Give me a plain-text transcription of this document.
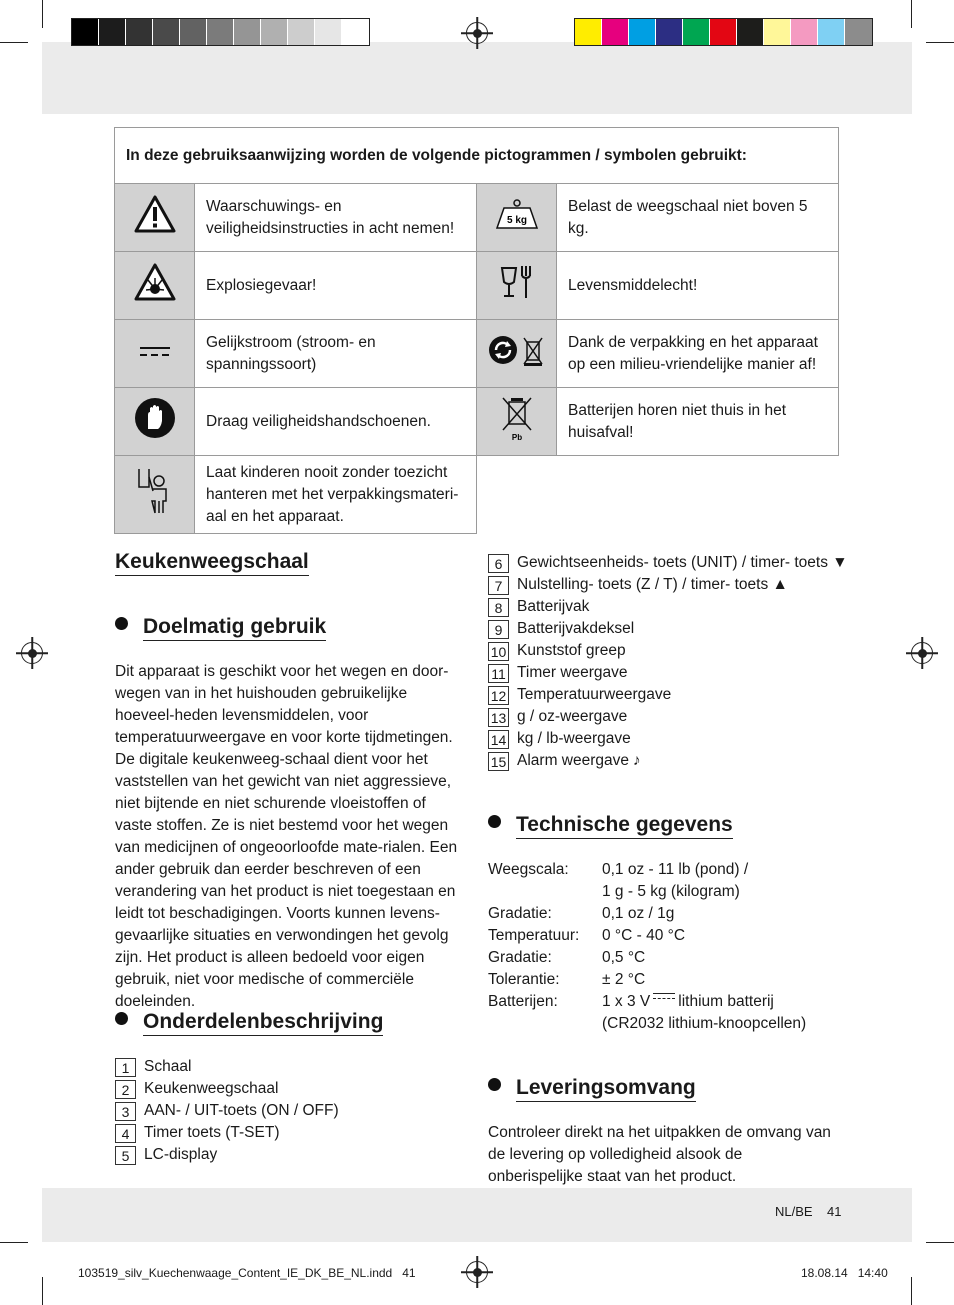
In deze gebruiksaanwijzing worden de volgende pictogrammen / symbolen gebruikt:			
	Waarschuwings- en veiligheidsinstructies in acht nemen!	5 kg	Belast de weegschaal niet boven 5 kg.
	Explosiegevaar!		Levensmiddelecht!
	Gelijkstroom (stroom- en spanningssoort)		Dank de verpakking en het apparaat op een milieu-vriendelijke manier af!
	Draag veiligheidshandschoenen.	Pb	Batterijen horen niet thuis in het huisafval!
	Laat kinderen nooit zonder toezicht hanteren met het verpakkingsmateri-aal en het apparaat.		
Keukenweegschaal
Doelmatig gebruik

Dit apparaat is geschikt voor het wegen en door-wegen van in het huishouden gebruikelijke hoeveel-heden levensmiddelen, voor temperatuurweergave en voor korte tijdmetingen. De digitale keukenweeg-schaal dient voor het vaststellen van het gewicht van niet aggressieve, niet bijtende en niet schurende vloeistoffen of vaste stoffen. Ze is niet bestemd voor het wegen van medicijnen of ongeoorloofde mate-rialen. Een ander gebruik dan eerder beschreven of een verandering van het product is niet toegestaan en leidt tot beschadigingen. Voorts kunnen levens-gevaarlijke situaties en verwondingen het gevolg zijn. Het product is alleen bedoeld voor eigen gebruik, niet voor medische of commerciële doeleinden.

Onderdelenbeschrijving
1 Schaal
2 Keukenweegschaal
3 AAN- / UIT-toets (ON / OFF)
4 Timer toets (T-SET)
5 LC-display
6 Gewichtseenheids- toets (UNIT) / timer- toets ▼
7 Nulstelling- toets (Z / T) / timer- toets ▲
8 Batterijvak
9 Batterijvakdeksel
10 Kunststof greep
11 Timer weergave
12 Temperatuurweergave
13 g / oz-weergave
14 kg / lb-weergave
15 Alarm weergave ♪
Technische gegevens
Weegscala:	0,1 oz - 11 lb (pond) /
1 g - 5 kg (kilogram)
Gradatie:	0,1 oz / 1g
Temperatuur:	0 °C - 40 °C
Gradatie:	0,5 °C
Tolerantie:	± 2 °C
Batterijen:	1 x 3 V lithium batterij
(CR2032 lithium-knoopcellen)
Leveringsomvang

Controleer direkt na het uitpakken de omvang van de levering op volledigheid alsook de onberispelijke staat van het product.

NL/BE 41
103519_silv_Kuechenwaage_Content_IE_DK_BE_NL.indd   41	18.08.14   14:40
